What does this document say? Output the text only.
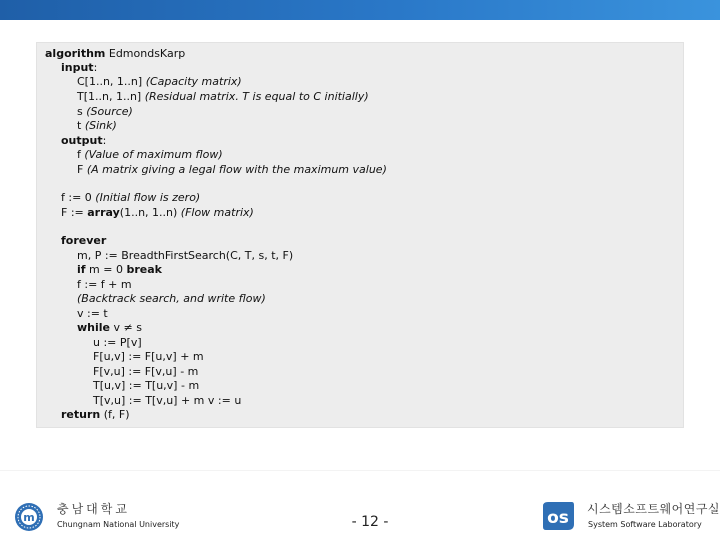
algorithm EdmondsKarp
input:
C[1..n, 1..n] (Capacity matrix)
T[1..n, 1..n] (Residual matrix. T is equal to C initially)
s (Source)
t (Sink)
output:
f (Value of maximum flow)
F (A matrix giving a legal flow with the maximum value)
f := 0 (Initial flow is zero)
F := array(1..n, 1..n) (Flow matrix)
forever
m, P := BreadthFirstSearch(C, T, s, t, F)
if m = 0 break
f := f + m
(Backtrack search, and write flow)
v := t
while v ≠ s
u := P[v]
F[u,v] := F[u,v] + m
F[v,u] := F[v,u] - m
T[u,v] := T[u,v] - m
T[v,u] := T[v,u] + m v := u
return (f, F)
m
충남대학교
Chungnam National University	- 12 -	os 시스템소프트웨어연구실
System Software Laboratory
